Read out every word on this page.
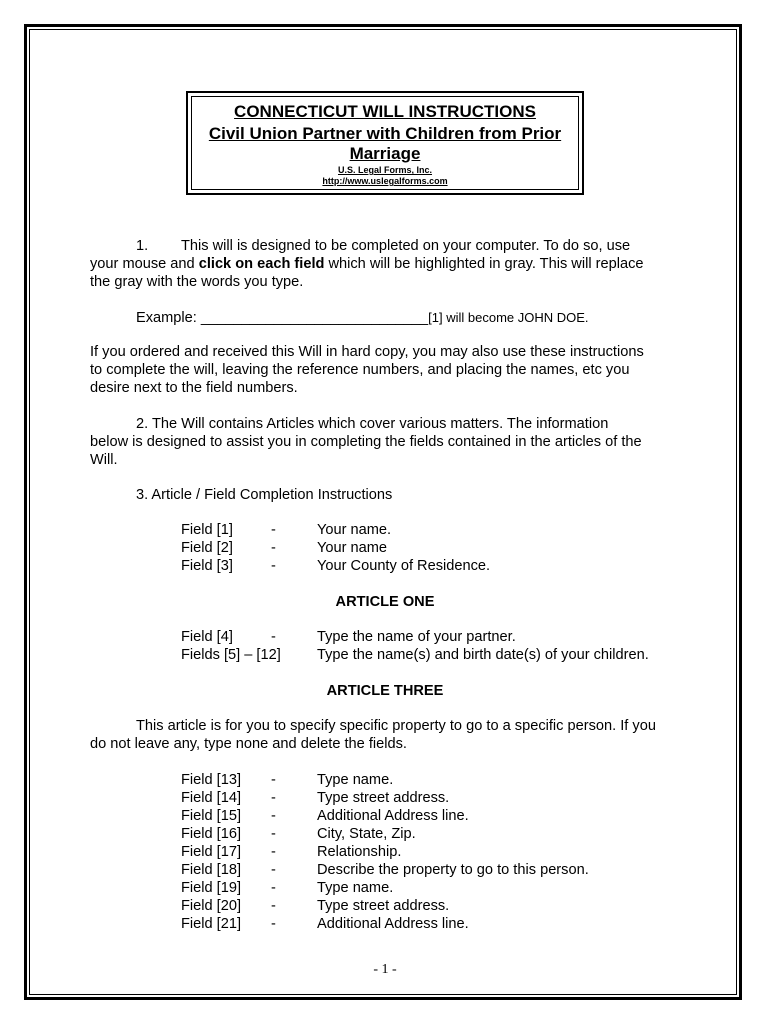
CONNECTICUT WILL INSTRUCTIONS
Civil Union Partner with Children from Prior
Marriage
U.S. Legal Forms, Inc.
http://www.uslegalforms.com
1. This will is designed to be completed on your computer. To do so, use
your mouse and click on each field which will be highlighted in gray. This will replace
the gray with the words you type.
Example: ____________________________[1] will become JOHN DOE.
If you ordered and received this Will in hard copy, you may also use these instructions
to complete the will, leaving the reference numbers, and placing the names, etc you
desire next to the field numbers.
2. The Will contains Articles which cover various matters. The information
below is designed to assist you in completing the fields contained in the articles of the
Will.
3. Article / Field Completion Instructions
Field [1]	-	Your name.
Field [2]	-	Your name
Field [3]	-	Your County of Residence.
ARTICLE ONE
Field [4]	-	Type the name of your partner.
Fields [5] – [12] Type the name(s) and birth date(s) of your children.
ARTICLE THREE
This article is for you to specify specific property to go to a specific person. If you
do not leave any, type none and delete the fields.
Field [13] -	Type name.
Field [14] -	Type street address.
Field [15] -	Additional Address line.
Field [16] -	City, State, Zip.
Field [17] -	Relationship.
Field [18] -	Describe the property to go to this person.
Field [19] -	Type name.
Field [20] -	Type street address.
Field [21] -	Additional Address line.
- 1 -
